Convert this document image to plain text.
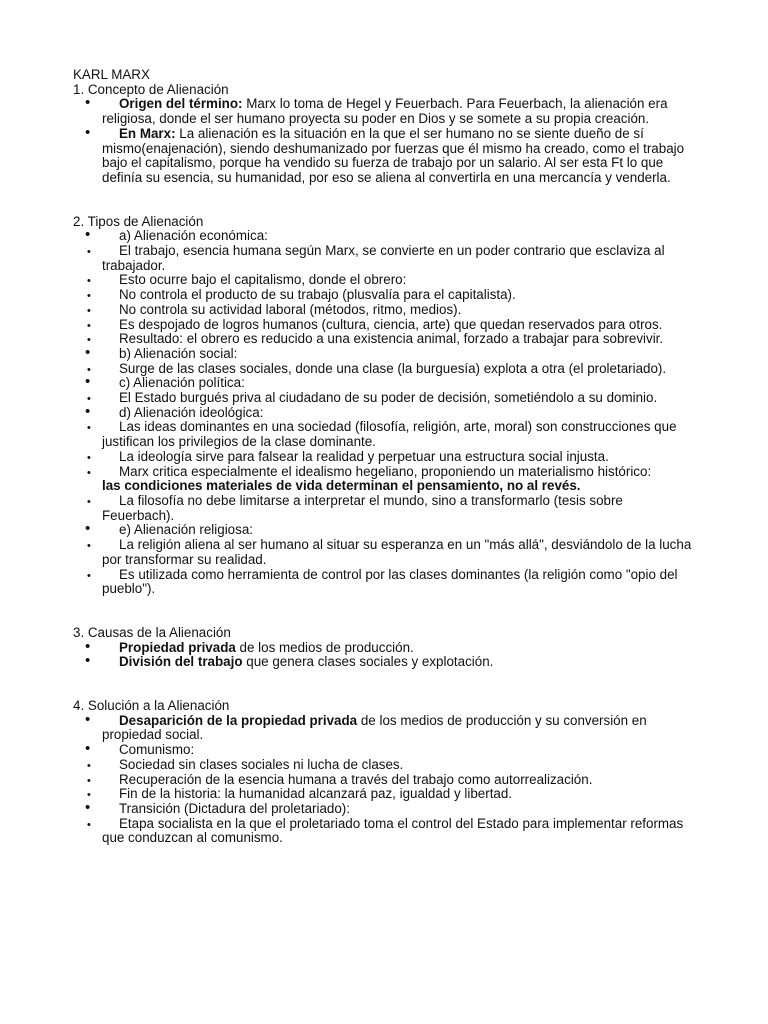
KARL MARX

1. Concepto de Alienación

•	Origen del término: Marx lo toma de Hegel y Feuerbach. Para Feuerbach, la alienación era religiosa, donde el ser humano proyecta su poder en Dios y se somete a su propia creación.
•	En Marx: La alienación es la situación en la que el ser humano no se siente dueño de sí mismo(enajenación), siendo deshumanizado por fuerzas que él mismo ha creado, como el trabajo bajo el capitalismo, porque ha vendido su fuerza de trabajo por un salario. Al ser esta Ft lo que definía su esencia, su humanidad, por eso se aliena al convertirla en una mercancía y venderla.

2. Tipos de Alienación

•	a) Alienación económica:
•	El trabajo, esencia humana según Marx, se convierte en un poder contrario que esclaviza al trabajador.
•	Esto ocurre bajo el capitalismo, donde el obrero:
•	No controla el producto de su trabajo (plusvalía para el capitalista).
•	No controla su actividad laboral (métodos, ritmo, medios).
•	Es despojado de logros humanos (cultura, ciencia, arte) que quedan reservados para otros.
•	Resultado: el obrero es reducido a una existencia animal, forzado a trabajar para sobrevivir.
•	b) Alienación social:
•	Surge de las clases sociales, donde una clase (la burguesía) explota a otra (el proletariado).
•	c) Alienación política:
•	El Estado burgués priva al ciudadano de su poder de decisión, sometiéndolo a su dominio.
•	d) Alienación ideológica:
•	Las ideas dominantes en una sociedad (filosofía, religión, arte, moral) son construcciones que justifican los privilegios de la clase dominante.
•	La ideología sirve para falsear la realidad y perpetuar una estructura social injusta.
•	Marx critica especialmente el idealismo hegeliano, proponiendo un materialismo histórico:
las condiciones materiales de vida determinan el pensamiento, no al revés.
•	La filosofía no debe limitarse a interpretar el mundo, sino a transformarlo (tesis sobre Feuerbach).
•	e) Alienación religiosa:
•	La religión aliena al ser humano al situar su esperanza en un "más allá", desviándolo de la lucha por transformar su realidad.
•	Es utilizada como herramienta de control por las clases dominantes (la religión como "opio del pueblo").

3. Causas de la Alienación

•	Propiedad privada de los medios de producción.
•	División del trabajo que genera clases sociales y explotación.

4. Solución a la Alienación

•	Desaparición de la propiedad privada de los medios de producción y su conversión en propiedad social.
•	Comunismo:
•	Sociedad sin clases sociales ni lucha de clases.
•	Recuperación de la esencia humana a través del trabajo como autorrealización.
•	Fin de la historia: la humanidad alcanzará paz, igualdad y libertad.
•	Transición (Dictadura del proletariado):
•	Etapa socialista en la que el proletariado toma el control del Estado para implementar reformas que conduzcan al comunismo.
